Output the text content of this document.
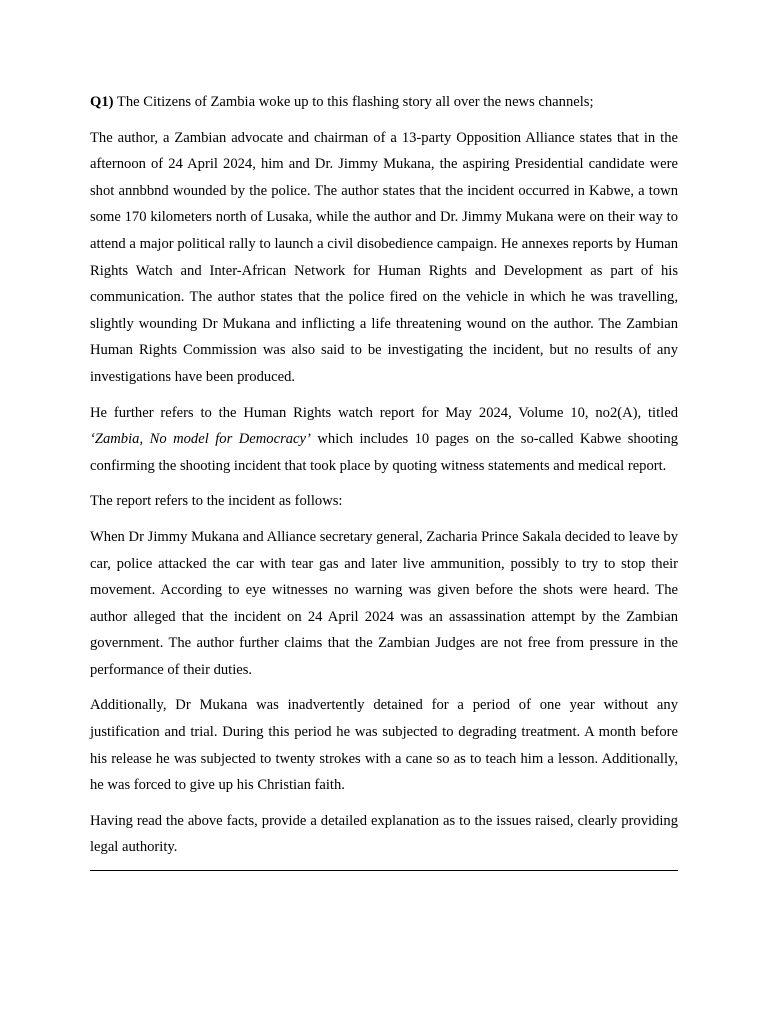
Q1) The Citizens of Zambia woke up to this flashing story all over the news channels;

The author, a Zambian advocate and chairman of a 13-party Opposition Alliance states that in the afternoon of 24 April 2024, him and Dr. Jimmy Mukana, the aspiring Presidential candidate were shot annbbnd wounded by the police. The author states that the incident occurred in Kabwe, a town some 170 kilometers north of Lusaka, while the author and Dr. Jimmy Mukana were on their way to attend a major political rally to launch a civil disobedience campaign. He annexes reports by Human Rights Watch and Inter-African Network for Human Rights and Development as part of his communication. The author states that the police fired on the vehicle in which he was travelling, slightly wounding Dr Mukana and inflicting a life threatening wound on the author. The Zambian Human Rights Commission was also said to be investigating the incident, but no results of any investigations have been produced.

He further refers to the Human Rights watch report for May 2024, Volume 10, no2(A), titled ‘Zambia, No model for Democracy’ which includes 10 pages on the so-called Kabwe shooting confirming the shooting incident that took place by quoting witness statements and medical report.

The report refers to the incident as follows:

When Dr Jimmy Mukana and Alliance secretary general, Zacharia Prince Sakala decided to leave by car, police attacked the car with tear gas and later live ammunition, possibly to try to stop their movement. According to eye witnesses no warning was given before the shots were heard. The author alleged that the incident on 24 April 2024 was an assassination attempt by the Zambian government. The author further claims that the Zambian Judges are not free from pressure in the performance of their duties.

Additionally, Dr Mukana was inadvertently detained for a period of one year without any justification and trial. During this period he was subjected to degrading treatment. A month before his release he was subjected to twenty strokes with a cane so as to teach him a lesson. Additionally, he was forced to give up his Christian faith.

Having read the above facts, provide a detailed explanation as to the issues raised, clearly providing legal authority.
